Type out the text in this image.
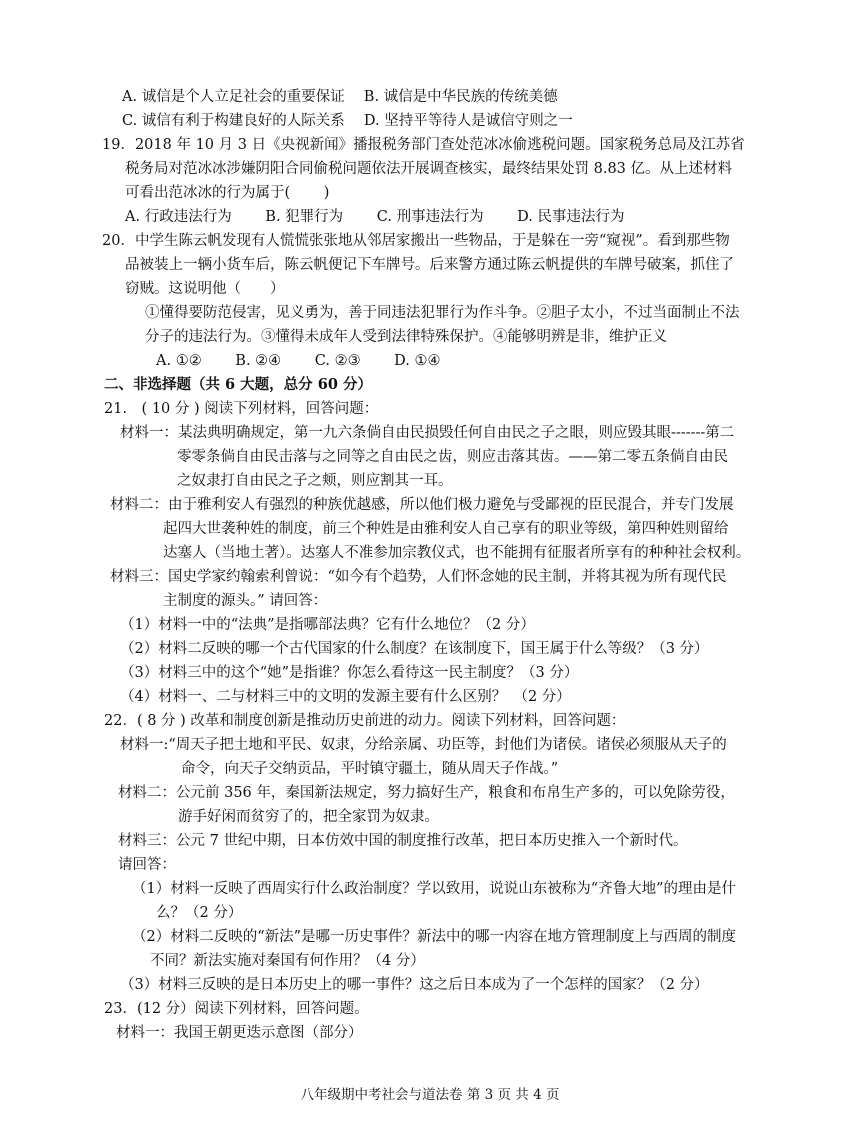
A. 诚信是个人立足社会的重要保证　 B. 诚信是中华民族的传统美德
C. 诚信有利于构建良好的人际关系　 D. 坚持平等待人是诚信守则之一
19．2018 年 10 月 3 日《央视新闻》播报税务部门查处范冰冰偷逃税问题。国家税务总局及江苏省
税务局对范冰冰涉嫌阴阳合同偷税问题依法开展调查核实，最终结果处罚 8.83 亿。从上述材料
可看出范冰冰的行为属于(　　 )
A. 行政违法行为　　 B. 犯罪行为　　 C. 刑事违法行为　　 D. 民事违法行为
20．中学生陈云帆发现有人慌慌张张地从邻居家搬出一些物品，于是躲在一旁“窥视”。看到那些物
品被装上一辆小货车后，陈云帆便记下车牌号。后来警方通过陈云帆提供的车牌号破案，抓住了
窃贼。这说明他（　　）
①懂得要防范侵害，见义勇为，善于同违法犯罪行为作斗争。②胆子太小，不过当面制止不法
分子的违法行为。③懂得未成年人受到法律特殊保护。④能够明辨是非，维护正义
A. ①②　　 B. ②④　　 C. ②③　　 D. ①④
二、非选择题（共 6 大题，总分 60 分）
21.　( 10 分 ) 阅读下列材料，回答问题：
材料一：某法典明确规定，第一九六条倘自由民损毁任何自由民之子之眼，则应毁其眼-------第二
零零条倘自由民击落与之同等之自由民之齿，则应击落其齿。——第二零五条倘自由民
之奴隶打自由民之子之颊，则应割其一耳。
材料二：由于雅利安人有强烈的种族优越感，所以他们极力避免与受鄙视的臣民混合，并专门发展
起四大世袭种姓的制度，前三个种姓是由雅利安人自己享有的职业等级，第四种姓则留给
达塞人（当地土著）。达塞人不准参加宗教仪式，也不能拥有征服者所享有的种种社会权利。
材料三：国史学家约翰索利曾说：“如今有个趋势，人们怀念她的民主制，并将其视为所有现代民
主制度的源头。” 请回答：
（1）材料一中的“法典”是指哪部法典？它有什么地位？（2 分）
（2）材料二反映的哪一个古代国家的什么制度？在该制度下，国王属于什么等级？（3 分）
（3）材料三中的这个“她”是指谁？你怎么看待这一民主制度？（3 分）
（4）材料一、二与材料三中的文明的发源主要有什么区别？　（2 分）
22．( 8 分 ) 改革和制度创新是推动历史前进的动力。阅读下列材料，回答问题：
材料一:“周天子把土地和平民、奴隶，分给亲属、功臣等，封他们为诸侯。诸侯必须服从天子的
命令，向天子交纳贡品，平时镇守疆土，随从周天子作战。”
材料二：公元前 356 年，秦国新法规定，努力搞好生产，粮食和布帛生产多的，可以免除劳役，
游手好闲而贫穷了的，把全家罚为奴隶。
材料三：公元 7 世纪中期，日本仿效中国的制度推行改革，把日本历史推入一个新时代。
请回答：
（1）材料一反映了西周实行什么政治制度？学以致用，说说山东被称为“齐鲁大地”的理由是什
么？（2 分）
（2）材料二反映的“新法”是哪一历史事件？新法中的哪一内容在地方管理制度上与西周的制度
不同？新法实施对秦国有何作用？（4 分）
（3）材料三反映的是日本历史上的哪一事件？这之后日本成为了一个怎样的国家？（2 分）
23．(12 分）阅读下列材料，回答问题。
材料一：我国王朝更迭示意图（部分）
八年级期中考社会与道法卷 第 3 页 共 4 页
